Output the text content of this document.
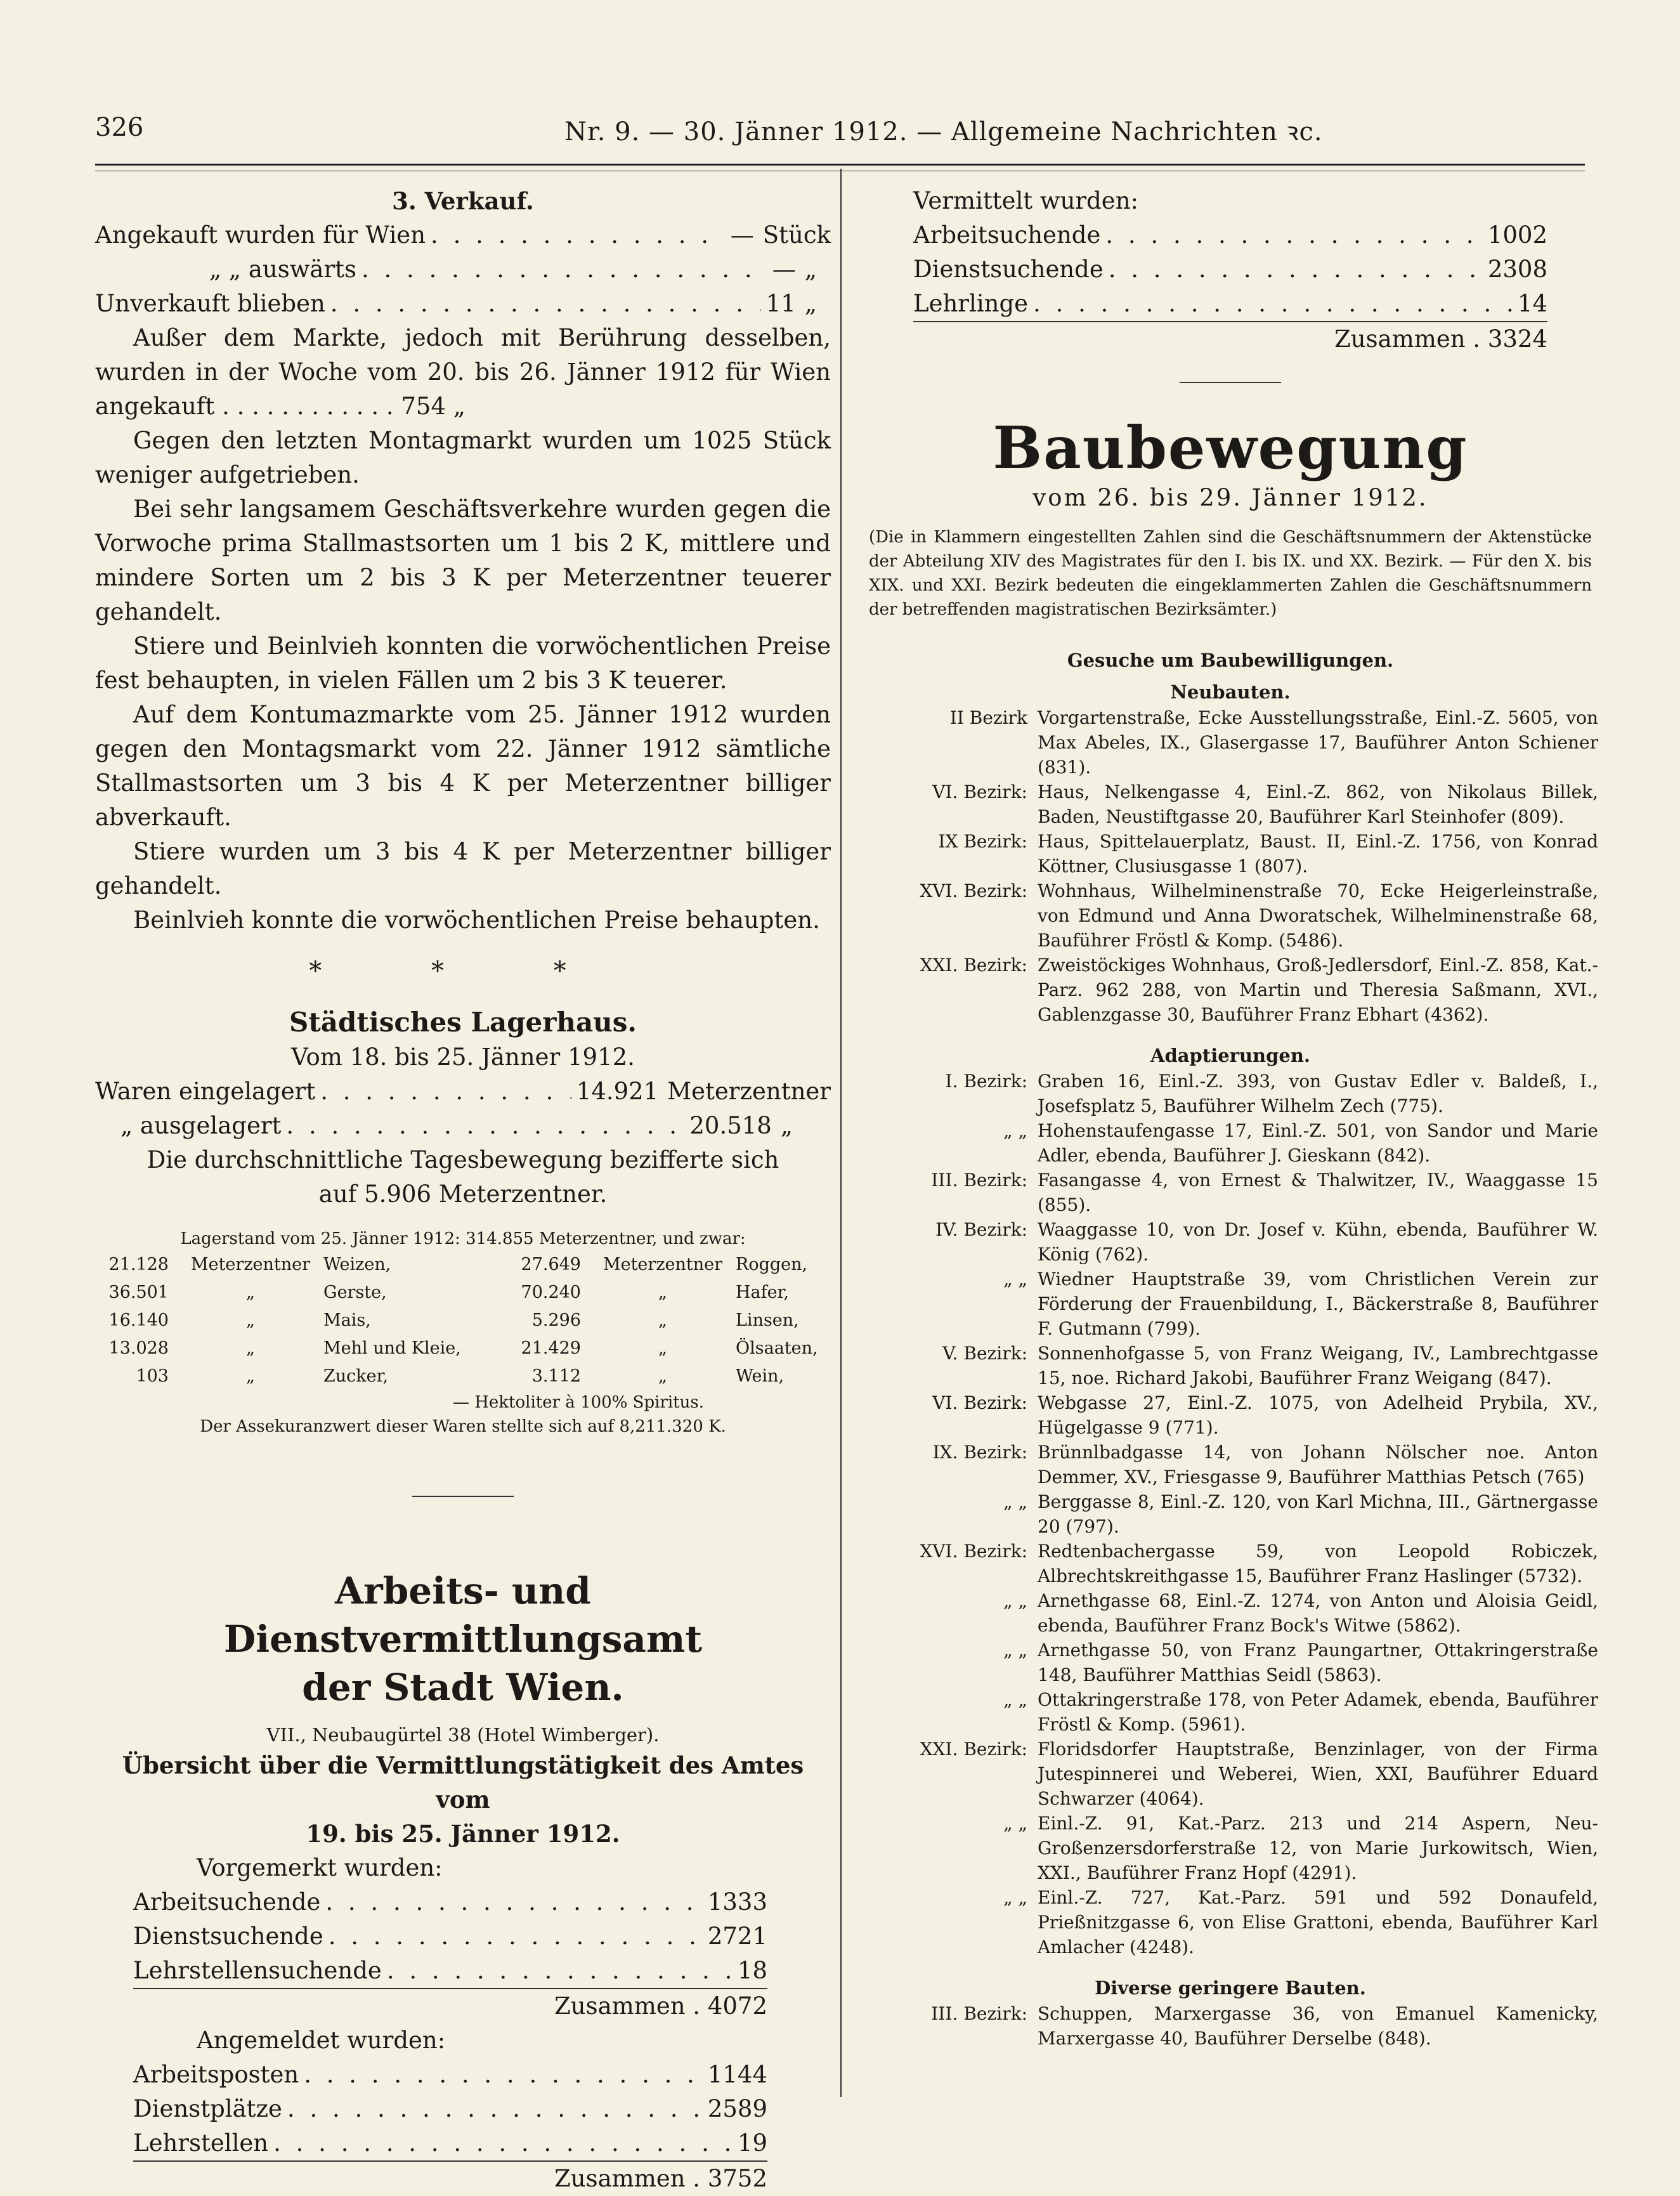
326	Nr. 9. — 30. Jänner 1912. — Allgemeine Nachrichten ꝛc.
3. Verkauf.
Angekauft wurden für Wien . . .	— Stück
„ „ auswärts . . .	— „
Unverkauft blieben . . .	11 „

Außer dem Markte, jedoch mit Berührung desselben, wurden in der Woche vom 20. bis 26. Jänner 1912 für Wien angekauft . . . . . . . . . . . . 754 „

Gegen den letzten Montagmarkt wurden um 1025 Stück weniger aufgetrieben.

Bei sehr langsamem Geschäftsverkehre wurden gegen die Vorwoche prima Stallmastsorten um 1 bis 2 K, mittlere und mindere Sorten um 2 bis 3 K per Meterzentner teuerer gehandelt.

Stiere und Beinlvieh konnten die vorwöchentlichen Preise fest behaupten, in vielen Fällen um 2 bis 3 K teuerer.

Auf dem Kontumazmarkte vom 25. Jänner 1912 wurden gegen den Montagsmarkt vom 22. Jänner 1912 sämtliche Stallmastsorten um 3 bis 4 K per Meterzentner billiger abverkauft.

Stiere wurden um 3 bis 4 K per Meterzentner billiger gehandelt.

Beinlvieh konnte die vorwöchentlichen Preise behaupten.

* * *
Städtisches Lagerhaus.
Vom 18. bis 25. Jänner 1912.
Waren eingelagert . . .	14.921 Meterzentner
„ ausgelagert . . .	20.518 „

Die durchschnittliche Tagesbewegung bezifferte sich auf 5.906 Meterzentner.

Lagerstand vom 25. Jänner 1912: 314.855 Meterzentner, und zwar:
21.128	Meterzentner Weizen,	27.649	Meterzentner Roggen,
36.501	„	Gerste,	70.240	„	Hafer,
16.140	„	Mais,	5.296	„	Linsen,
13.028	„	Mehl und Kleie,	21.429	„	Ölsaaten,
103	„	Zucker,	3.112	„	Wein,
— Hektoliter à 100% Spiritus.
Der Assekuranzwert dieser Waren stellte sich auf 8,211.320 K.
Arbeits- und Dienstvermittlungsamt
der Stadt Wien.
VII., Neubaugürtel 38 (Hotel Wimberger).
Übersicht über die Vermittlungstätigkeit des Amtes vom
19. bis 25. Jänner 1912.
Vorgemerkt wurden:
Arbeitsuchende . . .	1333
Dienstsuchende . . .	2721
Lehrstellensuchende . . .	18
Zusammen . 4072
Angemeldet wurden:
Arbeitsposten . . .	1144
Dienstplätze . . .	2589
Lehrstellen . . .	19
Zusammen . 3752
Vermittelt wurden:
Arbeitsuchende . . .	1002
Dienstsuchende . . .	2308
Lehrlinge . . .	14
Zusammen . 3324
Baubewegung
vom 26. bis 29. Jänner 1912.

(Die in Klammern eingestellten Zahlen sind die Geschäftsnummern der Aktenstücke der Abteilung XIV des Magistrates für den I. bis IX. und XX. Bezirk. — Für den X. bis XIX. und XXI. Bezirk bedeuten die eingeklammerten Zahlen die Geschäftsnummern der betreffenden magistratischen Bezirksämter.)

Gesuche um Baubewilligungen.
Neubauten.
II Bezirk Vorgartenstraße, Ecke Ausstellungsstraße, Einl.-Z. 5605, von Max Abeles, IX., Glasergasse 17, Bauführer Anton Schiener (831).
VI. Bezirk: Haus, Nelkengasse 4, Einl.-Z. 862, von Nikolaus Billek, Baden, Neustiftgasse 20, Bauführer Karl Steinhofer (809).
IX Bezirk: Haus, Spittelauerplatz, Baust. II, Einl.-Z. 1756, von Konrad Köttner, Clusiusgasse 1 (807).
XVI. Bezirk: Wohnhaus, Wilhelminenstraße 70, Ecke Heigerleinstraße, von Edmund und Anna Dworatschek, Wilhelminenstraße 68, Bauführer Fröstl & Komp. (5486).
XXI. Bezirk: Zweistöckiges Wohnhaus, Groß-Jedlersdorf, Einl.-Z. 858, Kat.-Parz. 962 288, von Martin und Theresia Saßmann, XVI., Gablenzgasse 30, Bauführer Franz Ebhart (4362).
Adaptierungen.
I. Bezirk: Graben 16, Einl.-Z. 393, von Gustav Edler v. Baldeß, I., Josefsplatz 5, Bauführer Wilhelm Zech (775).
„ „ Hohenstaufengasse 17, Einl.-Z. 501, von Sandor und Marie Adler, ebenda, Bauführer J. Gieskann (842).
III. Bezirk: Fasangasse 4, von Ernest & Thalwitzer, IV., Waaggasse 15 (855).
IV. Bezirk: Waaggasse 10, von Dr. Josef v. Kühn, ebenda, Bauführer W. König (762).
„ „ Wiedner Hauptstraße 39, vom Christlichen Verein zur Förderung der Frauenbildung, I., Bäckerstraße 8, Bauführer F. Gutmann (799).
V. Bezirk: Sonnenhofgasse 5, von Franz Weigang, IV., Lambrechtgasse 15, noe. Richard Jakobi, Bauführer Franz Weigang (847).
VI. Bezirk: Webgasse 27, Einl.-Z. 1075, von Adelheid Prybila, XV., Hügelgasse 9 (771).
IX. Bezirk: Brünnlbadgasse 14, von Johann Nölscher noe. Anton Demmer, XV., Friesgasse 9, Bauführer Matthias Petsch (765)
„ „ Berggasse 8, Einl.-Z. 120, von Karl Michna, III., Gärtnergasse 20 (797).
XVI. Bezirk: Redtenbachergasse 59, von Leopold Robiczek, Albrechtskreithgasse 15, Bauführer Franz Haslinger (5732).
„ „ Arnethgasse 68, Einl.-Z. 1274, von Anton und Aloisia Geidl, ebenda, Bauführer Franz Bock's Witwe (5862).
„ „ Arnethgasse 50, von Franz Paungartner, Ottakringerstraße 148, Bauführer Matthias Seidl (5863).
„ „ Ottakringerstraße 178, von Peter Adamek, ebenda, Bauführer Fröstl & Komp. (5961).
XXI. Bezirk: Floridsdorfer Hauptstraße, Benzinlager, von der Firma Jutespinnerei und Weberei, Wien, XXI, Bauführer Eduard Schwarzer (4064).
„ „ Einl.-Z. 91, Kat.-Parz. 213 und 214 Aspern, Neu-Großenzersdorferstraße 12, von Marie Jurkowitsch, Wien, XXI., Bauführer Franz Hopf (4291).
„ „ Einl.-Z. 727, Kat.-Parz. 591 und 592 Donaufeld, Prießnitzgasse 6, von Elise Grattoni, ebenda, Bauführer Karl Amlacher (4248).
Diverse geringere Bauten.
III. Bezirk: Schuppen, Marxergasse 36, von Emanuel Kamenicky, Marxergasse 40, Bauführer Derselbe (848).
